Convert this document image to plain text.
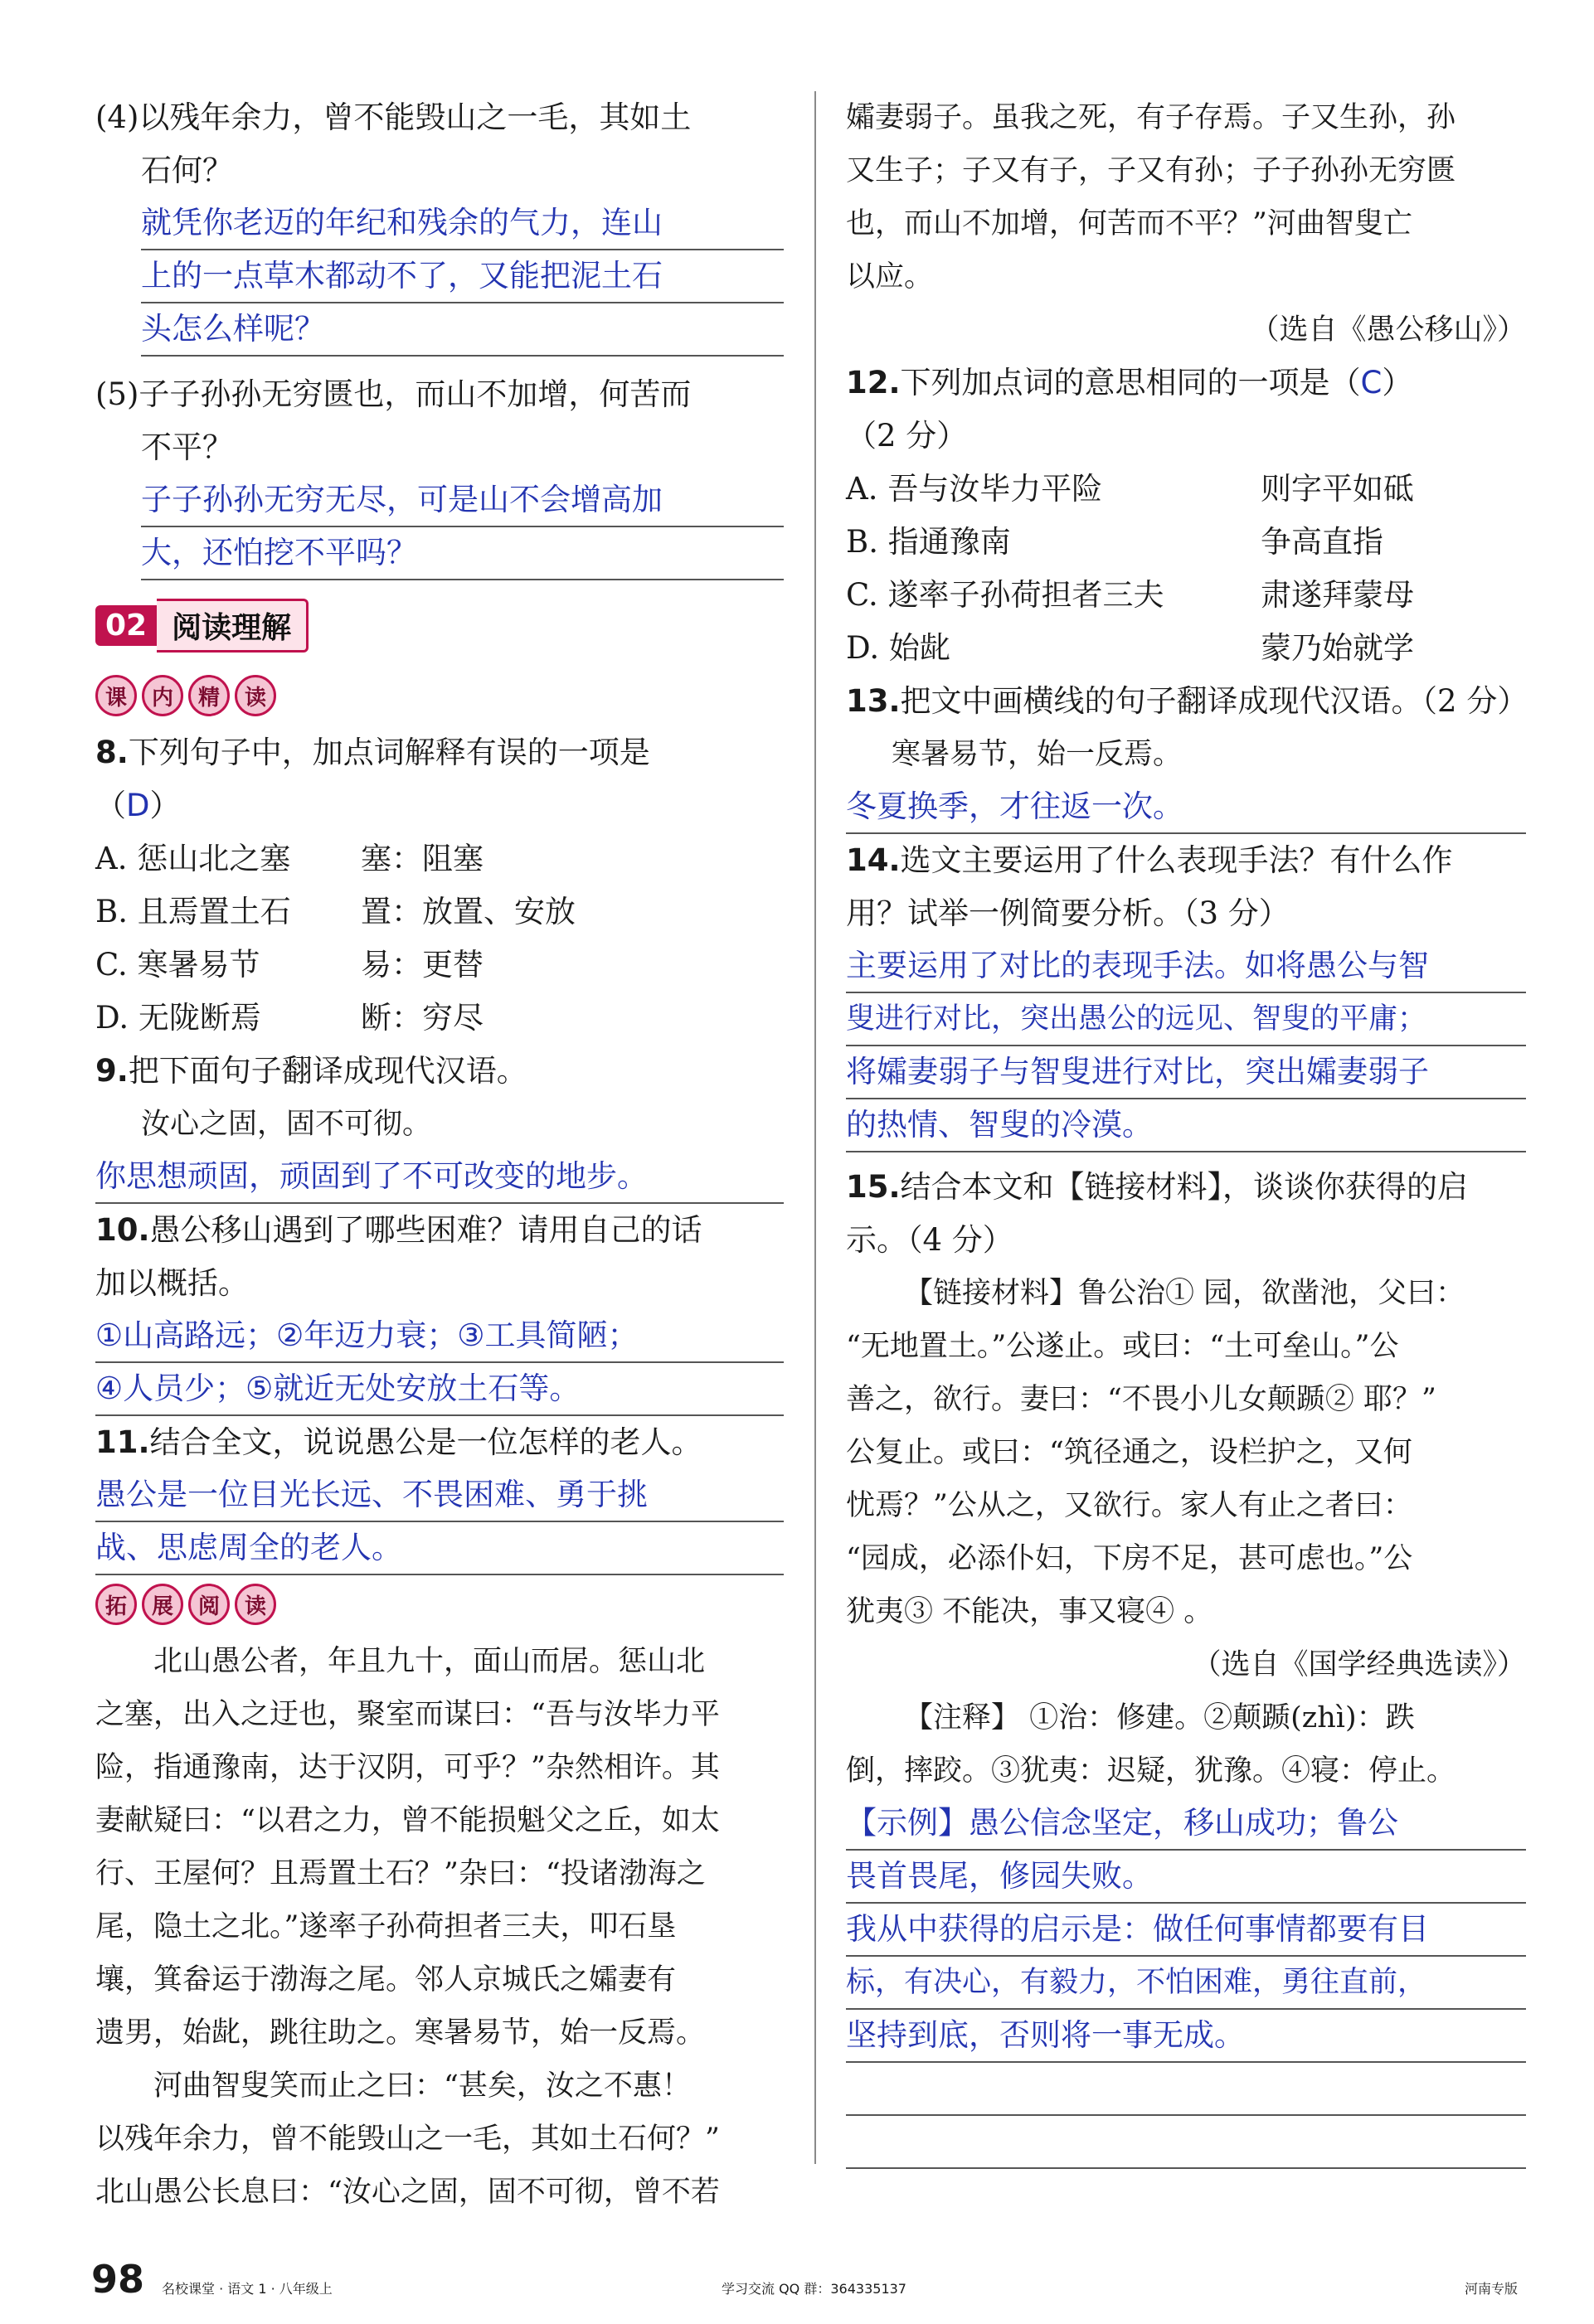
(4)以残年余力，曾不能毁山之一毛，其如土
石何？
就凭你老迈的年纪和残余的气力，连山
上的一点草木都动不了，又能把泥土石
头怎么样呢？
(5)子子孙孙无穷匮也，而山不加增，何苦而
不平？
子子孙孙无穷无尽，可是山不会增高加
大，还怕挖不平吗？
02 阅读理解
课	内	精	读
8.下列句子中，加点词解释有误的一项是
（D）
A. 惩山北之塞	塞：阻塞
B. 且焉置土石	置：放置、安放
C. 寒暑易节	易：更替
D. 无陇断焉	断：穷尽
9.把下面句子翻译成现代汉语。
汝心之固，固不可彻。
你思想顽固，顽固到了不可改变的地步。
10.愚公移山遇到了哪些困难？请用自己的话
加以概括。
①山高路远；②年迈力衰；③工具简陋；
④人员少；⑤就近无处安放土石等。
11.结合全文，说说愚公是一位怎样的老人。
愚公是一位目光长远、不畏困难、勇于挑
战、思虑周全的老人。
拓	展	阅	读
北山愚公者，年且九十，面山而居。惩山北
之塞，出入之迂也，聚室而谋曰：“吾与汝毕力平
险，指通豫南，达于汉阴，可乎？”杂然相许。其
妻献疑曰：“以君之力，曾不能损魁父之丘，如太
行、王屋何？且焉置土石？”杂曰：“投诸渤海之
尾，隐土之北。”遂率子孙荷担者三夫，叩石垦
壤，箕畚运于渤海之尾。邻人京城氏之孀妻有
遗男，始龀，跳往助之。寒暑易节，始一反焉。
河曲智叟笑而止之曰：“甚矣，汝之不惠！
以残年余力，曾不能毁山之一毛，其如土石何？”
北山愚公长息曰：“汝心之固，固不可彻，曾不若
孀妻弱子。虽我之死，有子存焉。子又生孙，孙
又生子；子又有子，子又有孙；子子孙孙无穷匮
也，而山不加增，何苦而不平？”河曲智叟亡
以应。
（选自《愚公移山》）
12.下列加点词的意思相同的一项是（C）
（2 分）
A. 吾与汝毕力平险	则字平如砥
B. 指通豫南	争高直指
C. 遂率子孙荷担者三夫	肃遂拜蒙母
D. 始龀	蒙乃始就学
13.把文中画横线的句子翻译成现代汉语。（2 分）
寒暑易节，始一反焉。
冬夏换季，才往返一次。
14.选文主要运用了什么表现手法？有什么作
用？试举一例简要分析。（3 分）
主要运用了对比的表现手法。如将愚公与智
叟进行对比，突出愚公的远见、智叟的平庸；
将孀妻弱子与智叟进行对比，突出孀妻弱子
的热情、智叟的冷漠。
15.结合本文和【链接材料】，谈谈你获得的启
示。（4 分）
【链接材料】鲁公治① 园，欲凿池，父曰：
“无地置土。”公遂止。或曰：“土可垒山。”公
善之，欲行。妻曰：“不畏小儿女颠踬② 耶？”
公复止。或曰：“筑径通之，设栏护之，又何
忧焉？”公从之，又欲行。家人有止之者曰：
“园成，必添仆妇，下房不足，甚可虑也。”公
犹夷③ 不能决，事又寝④ 。
（选自《国学经典选读》）
【注释】 ①治：修建。②颠踬(zhì)：跌
倒，摔跤。③犹夷：迟疑，犹豫。④寝：停止。
【示例】愚公信念坚定，移山成功；鲁公
畏首畏尾，修园失败。
我从中获得的启示是：做任何事情都要有目
标，有决心，有毅力，不怕困难，勇往直前，
坚持到底，否则将一事无成。
98 名校课堂 · 语文 1 · 八年级上	学习交流 QQ 群：364335137	河南专版
